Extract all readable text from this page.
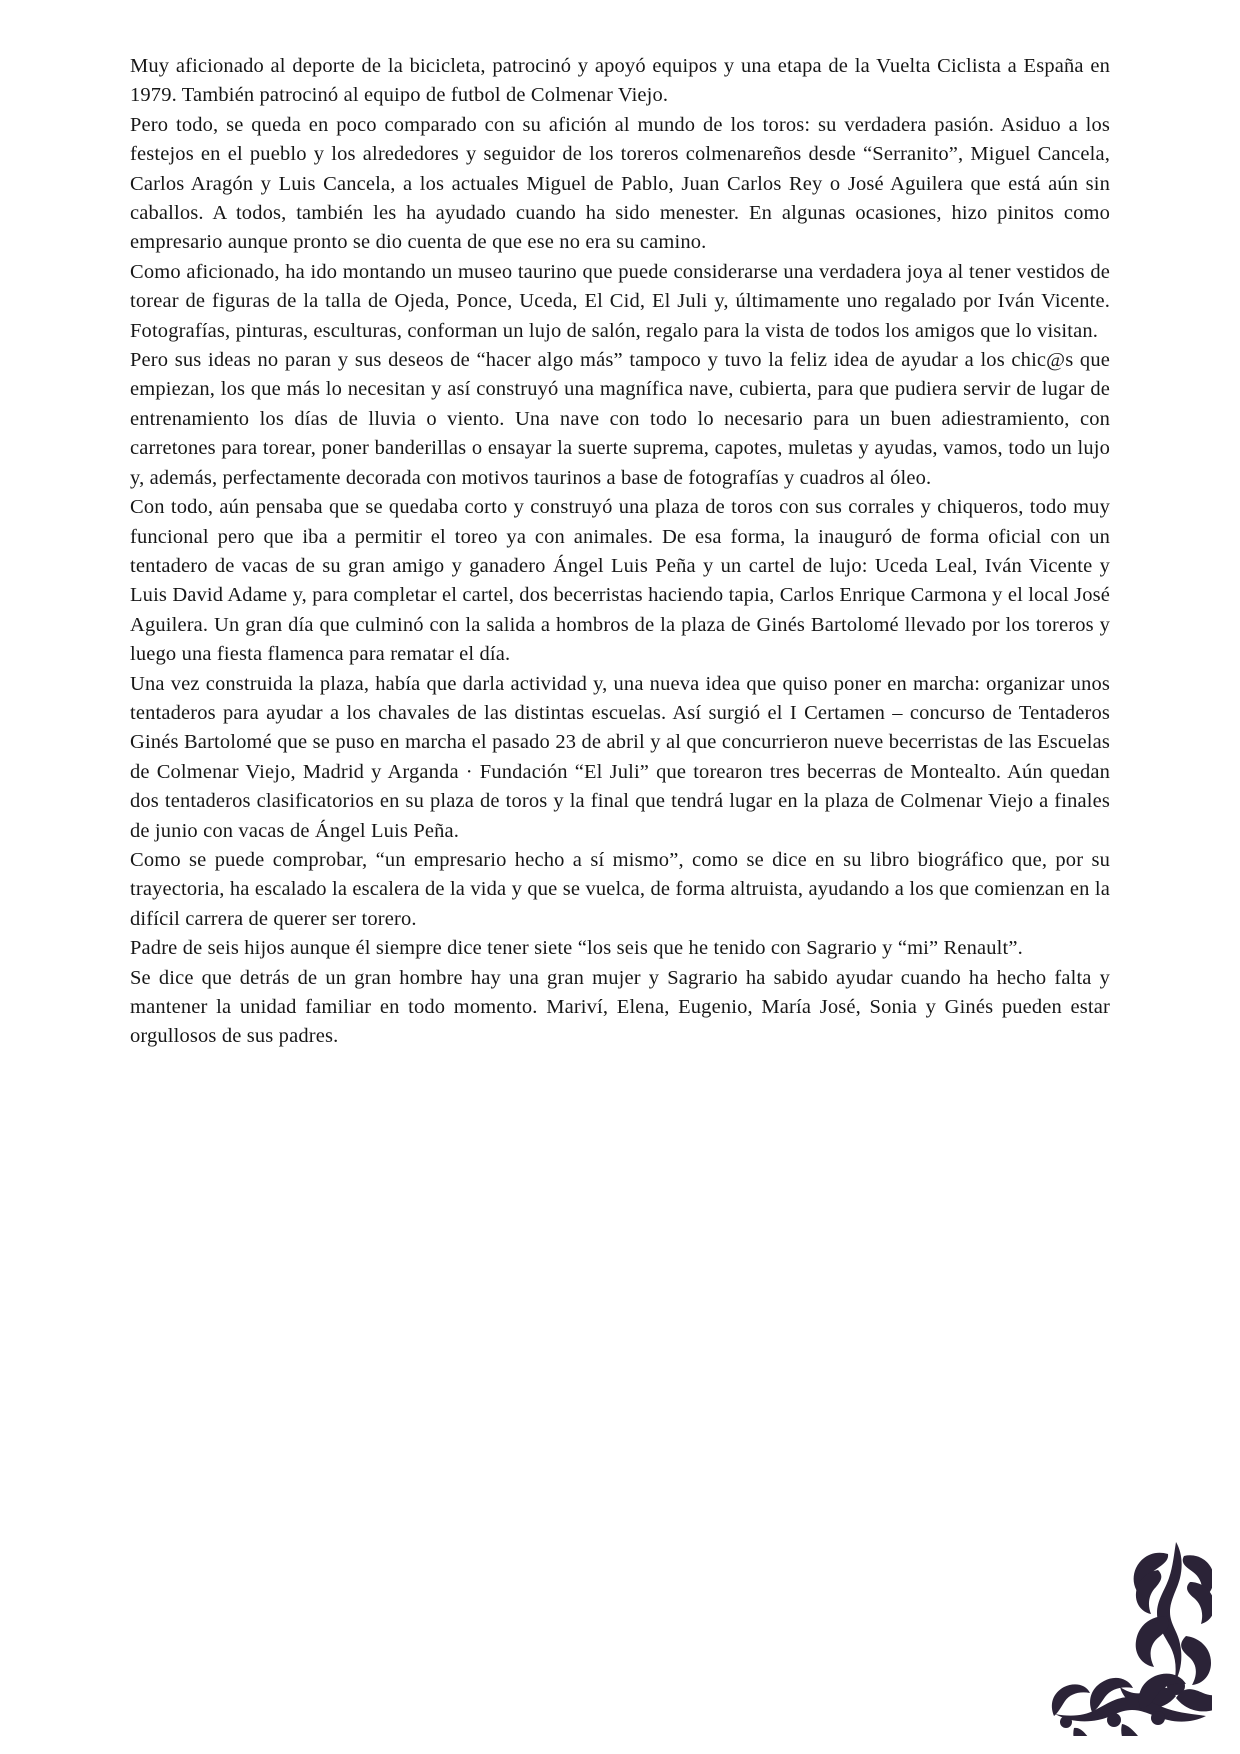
Muy aficionado al deporte de la bicicleta, patrocinó y apoyó equipos y una etapa de la Vuelta Ciclista a España en 1979. También patrocinó al equipo de futbol de Colmenar Viejo.

Pero todo, se queda en poco comparado con su afición al mundo de los toros: su verdadera pasión. Asiduo a los festejos en el pueblo y los alrededores y seguidor de los toreros colmenareños desde “Serranito”, Miguel Cancela, Carlos Aragón y Luis Cancela, a los actuales Miguel de Pablo, Juan Carlos Rey o José Aguilera que está aún sin caballos. A todos, también les ha ayudado cuando ha sido menester. En algunas ocasiones, hizo pinitos como empresario aunque pronto se dio cuenta de que ese no era su camino.

Como aficionado, ha ido montando un museo taurino que puede considerarse una verdadera joya al tener vestidos de torear de figuras de la talla de Ojeda, Ponce, Uceda, El Cid, El Juli y, últimamente uno regalado por Iván Vicente. Fotografías, pinturas, esculturas, conforman un lujo de salón, regalo para la vista de todos los amigos que lo visitan.

Pero sus ideas no paran y sus deseos de “hacer algo más” tampoco y tuvo la feliz idea de ayudar a los chic@s que empiezan, los que más lo necesitan y así construyó una magnífica nave, cubierta, para que pudiera servir de lugar de entrenamiento los días de lluvia o viento. Una nave con todo lo necesario para un buen adiestramiento, con carretones para torear, poner banderillas o ensayar la suerte suprema, capotes, muletas y ayudas, vamos, todo un lujo y, además, perfectamente decorada con motivos taurinos a base de fotografías y cuadros al óleo.

Con todo, aún pensaba que se quedaba corto y construyó una plaza de toros con sus corrales y chiqueros, todo muy funcional pero que iba a permitir el toreo ya con animales. De esa forma, la inauguró de forma oficial con un tentadero de vacas de su gran amigo y ganadero Ángel Luis Peña y un cartel de lujo: Uceda Leal, Iván Vicente y Luis David Adame y, para completar el cartel, dos becerristas haciendo tapia, Carlos Enrique Carmona y el local José Aguilera. Un gran día que culminó con la salida a hombros de la plaza de Ginés Bartolomé llevado por los toreros y luego una fiesta flamenca para rematar el día.

Una vez construida la plaza, había que darla actividad y, una nueva idea que quiso poner en marcha: organizar unos tentaderos para ayudar a los chavales de las distintas escuelas. Así surgió el I Certamen – concurso de Tentaderos Ginés Bartolomé que se puso en marcha el pasado 23 de abril y al que concurrieron nueve becerristas de las Escuelas de Colmenar Viejo, Madrid y Arganda · Fundación “El Juli” que torearon tres becerras de Montealto. Aún quedan dos tentaderos clasificatorios en su plaza de toros y la final que tendrá lugar en la plaza de Colmenar Viejo a finales de junio con vacas de Ángel Luis Peña.

Como se puede comprobar, “un empresario hecho a sí mismo”, como se dice en su libro biográfico que, por su trayectoria, ha escalado la escalera de la vida y que se vuelca, de forma altruista, ayudando a los que comienzan en la difícil carrera de querer ser torero.

Padre de seis hijos aunque él siempre dice tener siete “los seis que he tenido con Sagrario y “mi” Renault”.

Se dice que detrás de un gran hombre hay una gran mujer y Sagrario ha sabido ayudar cuando ha hecho falta y mantener la unidad familiar en todo momento. Mariví, Elena, Eugenio, María José, Sonia y Ginés pueden estar orgullosos de sus padres.
